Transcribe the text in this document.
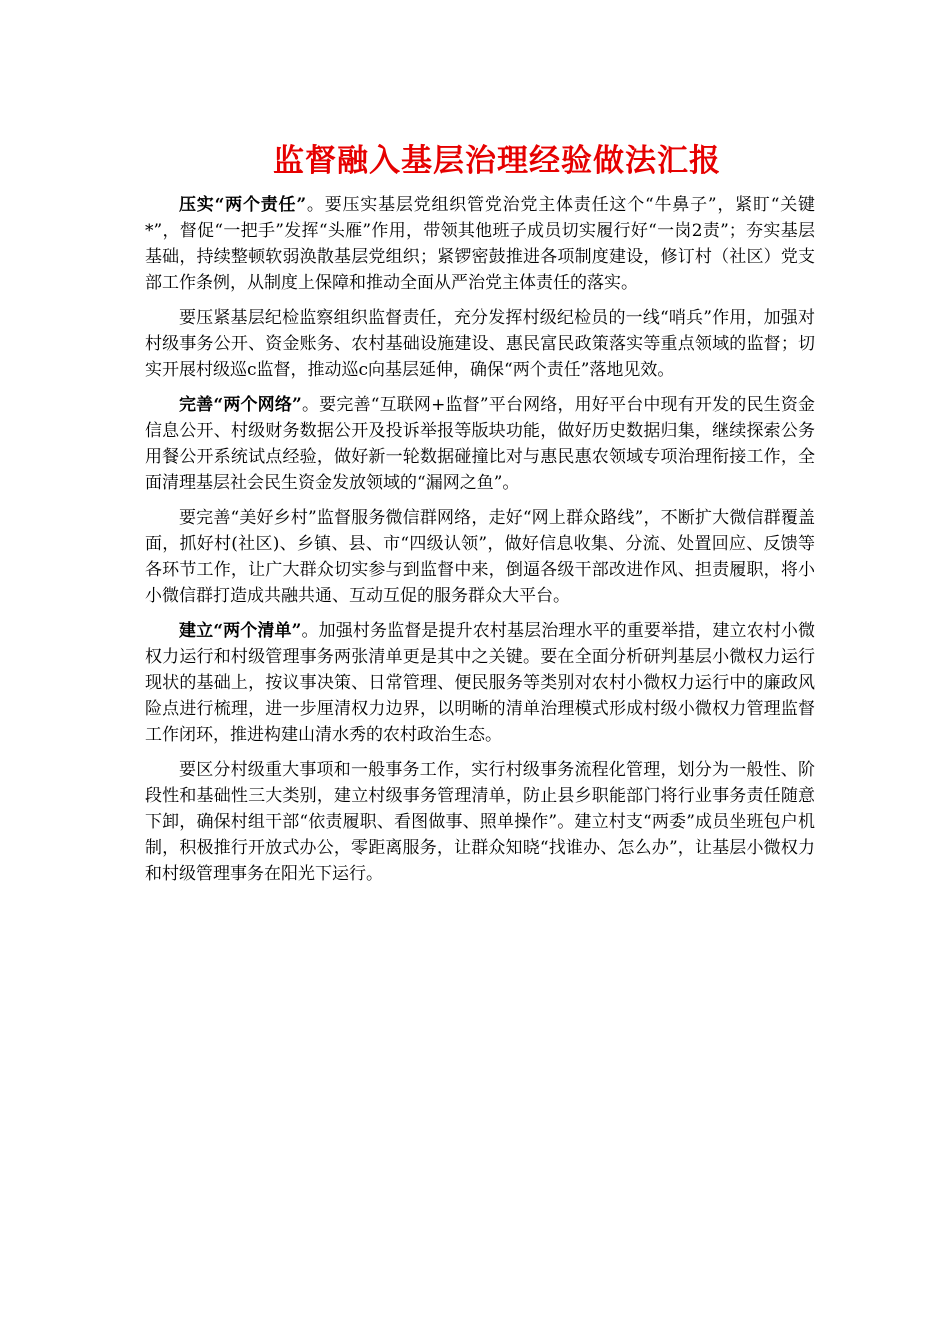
监督融入基层治理经验做法汇报

压实“两个责任”。要压实基层党组织管党治党主体责任这个“牛鼻子”，紧盯“关键*”，督促“一把手”发挥“头雁”作用，带领其他班子成员切实履行好“一岗2责”；夯实基层基础，持续整顿软弱涣散基层党组织；紧锣密鼓推进各项制度建设，修订村（社区）党支部工作条例，从制度上保障和推动全面从严治党主体责任的落实。

要压紧基层纪检监察组织监督责任，充分发挥村级纪检员的一线“哨兵”作用，加强对村级事务公开、资金账务、农村基础设施建设、惠民富民政策落实等重点领域的监督；切实开展村级巡c监督，推动巡c向基层延伸，确保“两个责任”落地见效。

完善“两个网络”。要完善“互联网+监督”平台网络，用好平台中现有开发的民生资金信息公开、村级财务数据公开及投诉举报等版块功能，做好历史数据归集，继续探索公务用餐公开系统试点经验，做好新一轮数据碰撞比对与惠民惠农领域专项治理衔接工作，全面清理基层社会民生资金发放领域的“漏网之鱼”。

要完善“美好乡村”监督服务微信群网络，走好“网上群众路线”，不断扩大微信群覆盖面，抓好村(社区)、乡镇、县、市“四级认领”，做好信息收集、分流、处置回应、反馈等各环节工作，让广大群众切实参与到监督中来，倒逼各级干部改进作风、担责履职，将小小微信群打造成共融共通、互动互促的服务群众大平台。

建立“两个清单”。加强村务监督是提升农村基层治理水平的重要举措，建立农村小微权力运行和村级管理事务两张清单更是其中之关键。要在全面分析研判基层小微权力运行现状的基础上，按议事决策、日常管理、便民服务等类别对农村小微权力运行中的廉政风险点进行梳理，进一步厘清权力边界，以明晰的清单治理模式形成村级小微权力管理监督工作闭环，推进构建山清水秀的农村政治生态。

要区分村级重大事项和一般事务工作，实行村级事务流程化管理，划分为一般性、阶段性和基础性三大类别，建立村级事务管理清单，防止县乡职能部门将行业事务责任随意下卸，确保村组干部“依责履职、看图做事、照单操作”。建立村支“两委”成员坐班包户机制，积极推行开放式办公，零距离服务，让群众知晓“找谁办、怎么办”，让基层小微权力和村级管理事务在阳光下运行。
